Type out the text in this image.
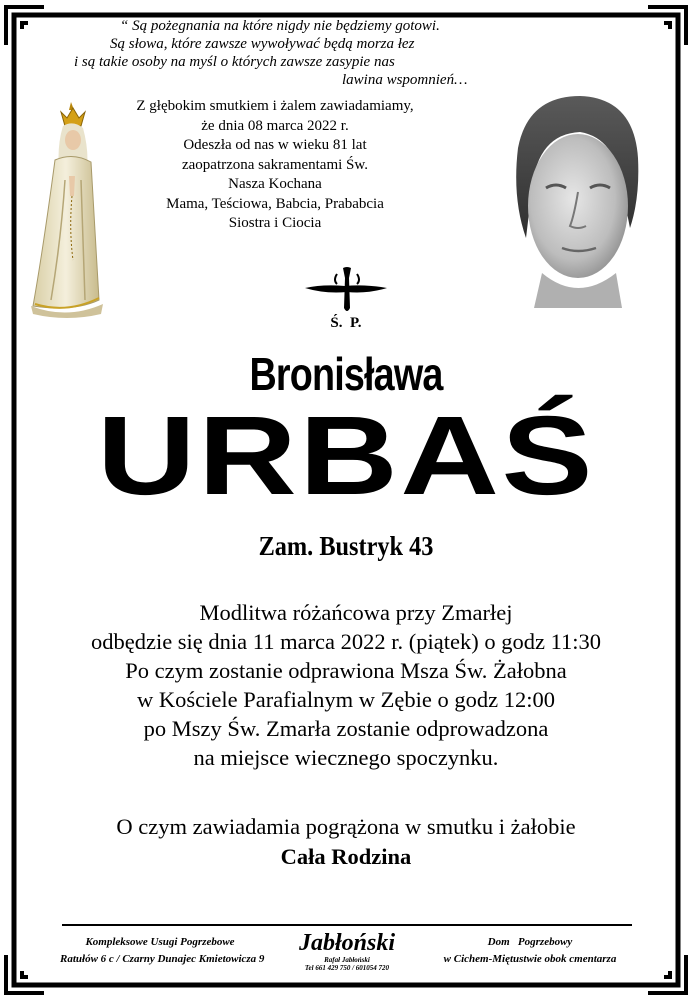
“ Są pożegnania na które nigdy nie będziemy gotowi.
Są słowa, które zawsze wywoływać będą morza łez
i są takie osoby na myśl o których zawsze zasypie nas
lawina wspomnień…
Z głębokim smutkiem i żalem zawiadamiamy,
że dnia 08 marca 2022 r.
Odeszła od nas w wieku 81 lat
zaopatrzona sakramentami Św.
Nasza Kochana
Mama, Teściowa, Babcia, Prababcia
Siostra i Ciocia
Ś.  P.
Bronisława
URBAŚ
Zam. Bustryk 43
Modlitwa różańcowa przy Zmarłej
odbędzie się dnia 11 marca 2022 r. (piątek) o godz 11:30
Po czym zostanie odprawiona Msza Św. Żałobna
w Kościele Parafialnym w Zębie o godz 12:00
po Mszy Św. Zmarła zostanie odprowadzona
na miejsce wiecznego spoczynku.
O czym zawiadamia pogrążona w smutku i żałobie
Cała Rodzina
Kompleksowe Usugi Pogrzebowe
Ratułów 6 c / Czarny Dunajec Kmietowicza 9
Jabłoński
Rafał Jabłoński
Tel 661 429 750 / 601054 720
Dom   Pogrzebowy
w Cichem-Miętustwie obok cmentarza
